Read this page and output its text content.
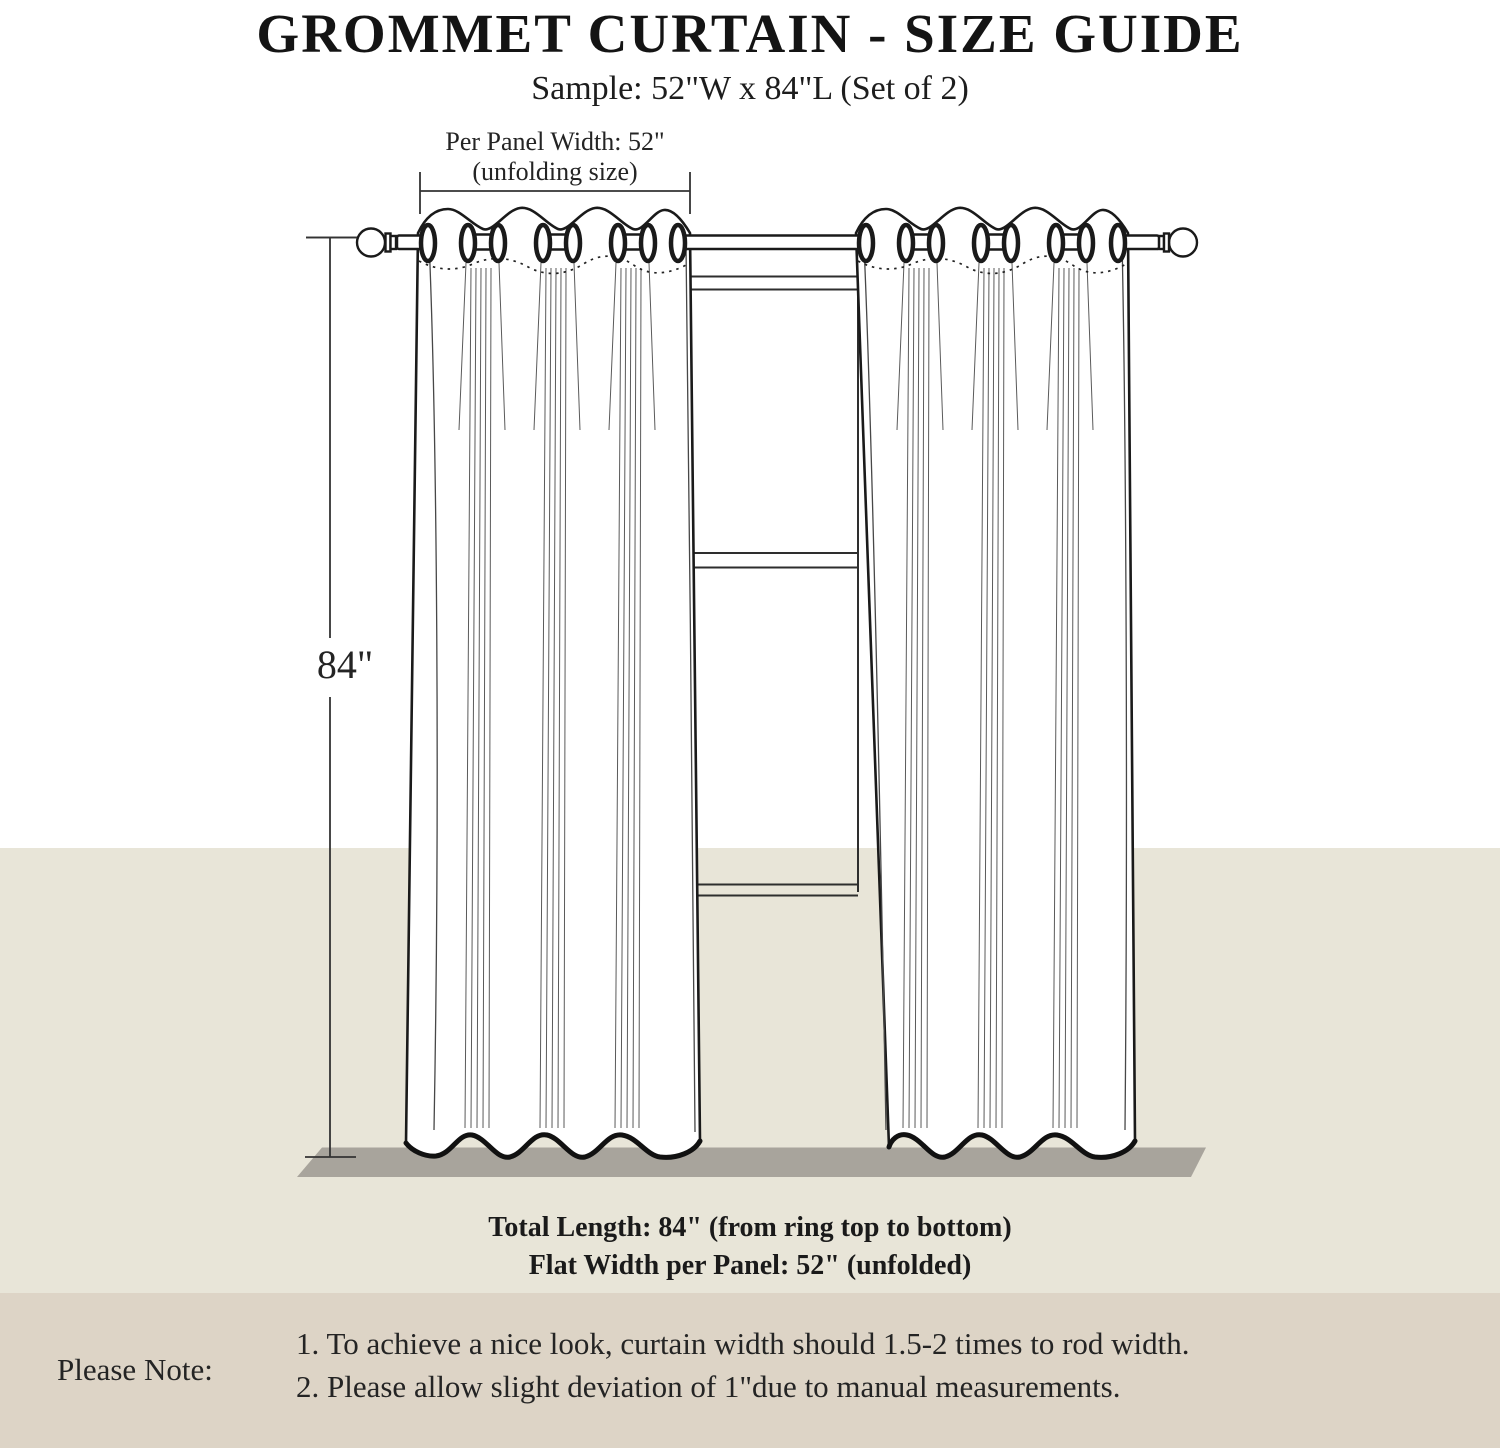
GROMMET CURTAIN - SIZE GUIDE
Sample: 52"W x 84"L (Set of 2)
Per Panel Width: 52"
(unfolding size)
84"
Total Length: 84" (from ring top to bottom)
Flat Width per Panel: 52" (unfolded)
Please Note:
1. To achieve a nice look, curtain width should 1.5-2 times to rod width.
2. Please allow slight deviation of 1"due to manual measurements.
